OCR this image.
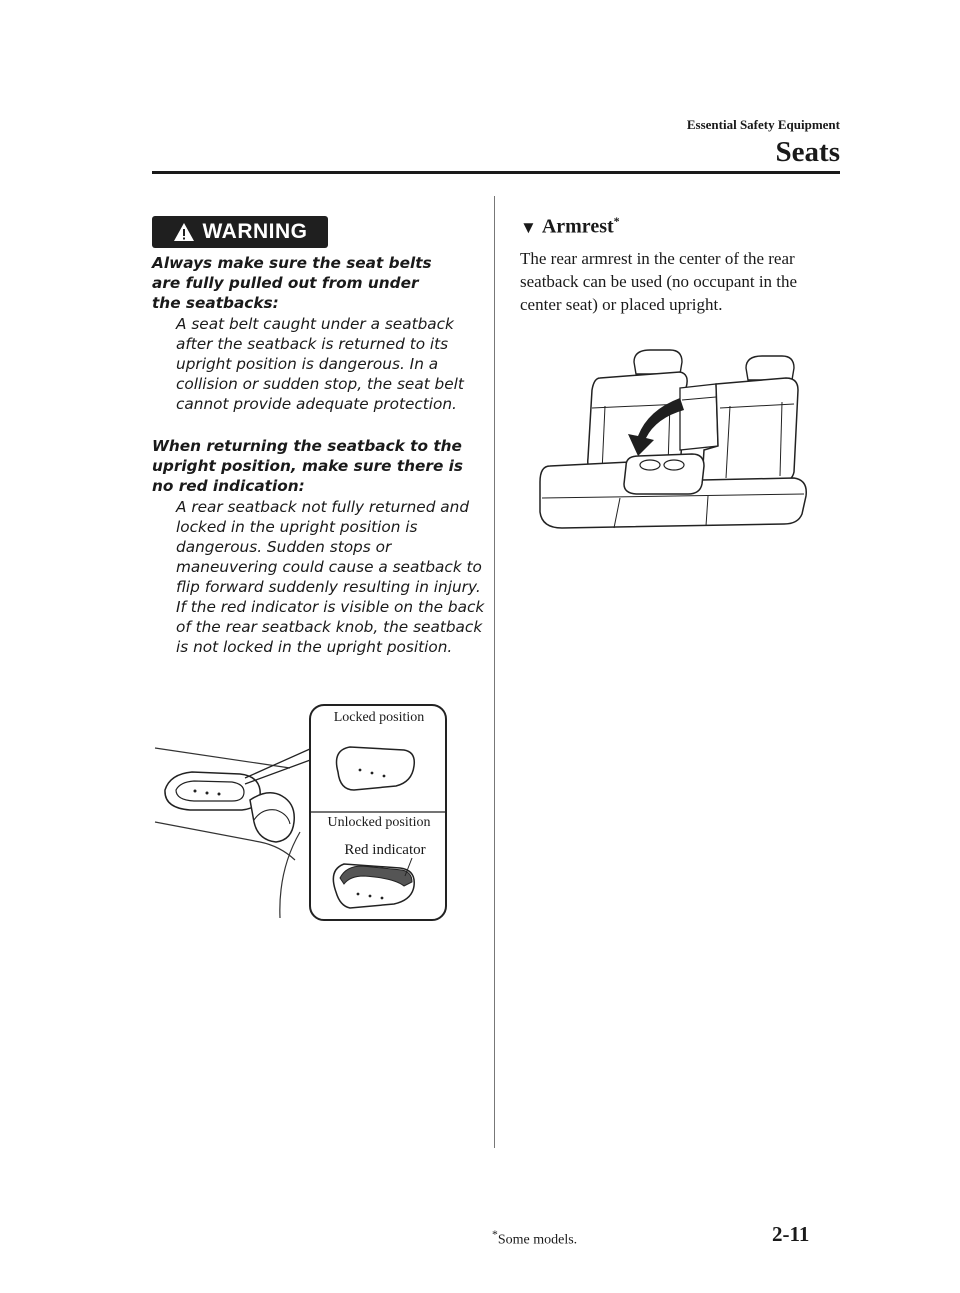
Essential Safety Equipment
Seats
WARNING
Always make sure the seat belts are fully pulled out from under the seatbacks:
A seat belt caught under a seatback after the seatback is returned to its upright position is dangerous. In a collision or sudden stop, the seat belt cannot provide adequate protection.
When returning the seatback to the upright position, make sure there is no red indication:
A rear seatback not fully returned and locked in the upright position is dangerous. Sudden stops or maneuvering could cause a seatback to flip forward suddenly resulting in injury. If the red indicator is visible on the back of the rear seatback knob, the seatback is not locked in the upright position.
Locked position
Unlocked position
Red indicator
▼ Armrest*
The rear armrest in the center of the rear seatback can be used (no occupant in the center seat) or placed upright.
*Some models.	2-11
